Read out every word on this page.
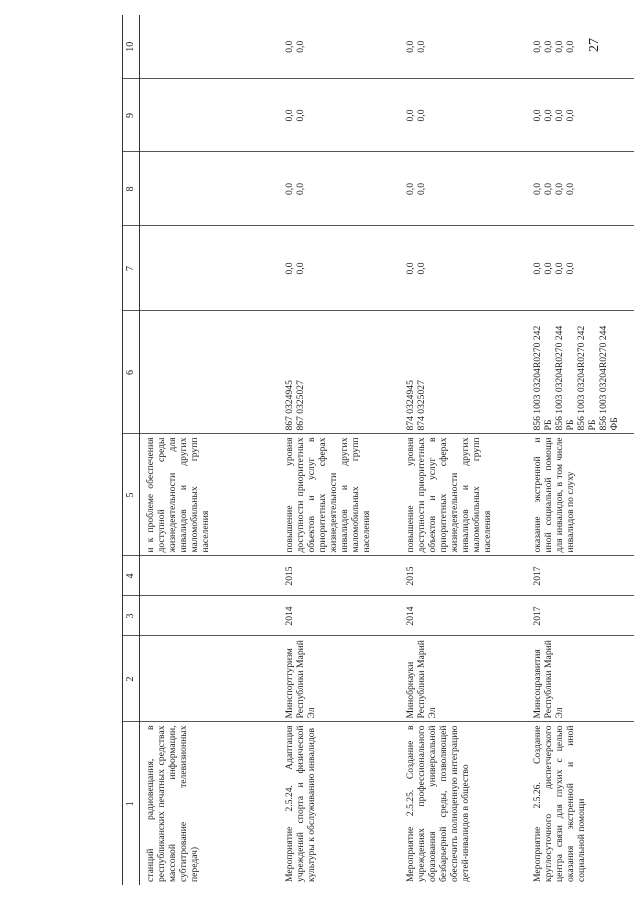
27
1	2	3	4	5	6	7	8	9	10
станций радиовещания, в республиканских печатных средствах массовой информации, субтитрование телевизионных передач)				и к проблеме обеспечения доступной среды жизнедеятельности для инвалидов и других маломобильных групп населения					
Мероприятие 2.5.24. Адаптация учреждений спорта и физической культуры к обслуживанию инвалидов	Минспорттуризм Республики Марий Эл	2014	2015	повышение уровня доступности приоритетных объектов и услуг в приоритетных сферах жизнедеятельности инвалидов и других маломобильных групп населения	867 0324945 867 0325027	0,0 0,0	0,0 0,0	0,0 0,0	0,0 0,0

Мероприятие 2.5.25. Создание в учреждениях профессионального образования универсальной безбарьерной среды, позволяющей обеспечить полноценную интеграцию детей-инвалидов в общество	Минобрнауки Республики Марий Эл	2014	2015	повышение уровня доступности приоритетных объектов и услуг в приоритетных сферах жизнедеятельности инвалидов и других маломобильных групп населения	874 0324945 874 0325027	0,0 0,0	0,0 0,0	0,0 0,0	0,0 0,0

Мероприятие 2.5.26. Создание круглосуточного диспетчерского центра связи для глухих с целью оказания экстренной и иной социальной помощи	Минсоцразвития Республики Марий Эл	2017	2017	оказание экстренной и иной социальной помощи для инвалидов, в том числе инвалидов по слуху	856 1003 03204R0270 242 РБ 856 1003 03204R0270 244 РБ 856 1003 03204R0270 242 РБ 856 1003 03204R0270 244 ФБ	0,0 0,0 0,0 0,0	0,0 0,0 0,0 0,0	0,0 0,0 0,0 0,0	0,0 0,0 0,0 0,0
